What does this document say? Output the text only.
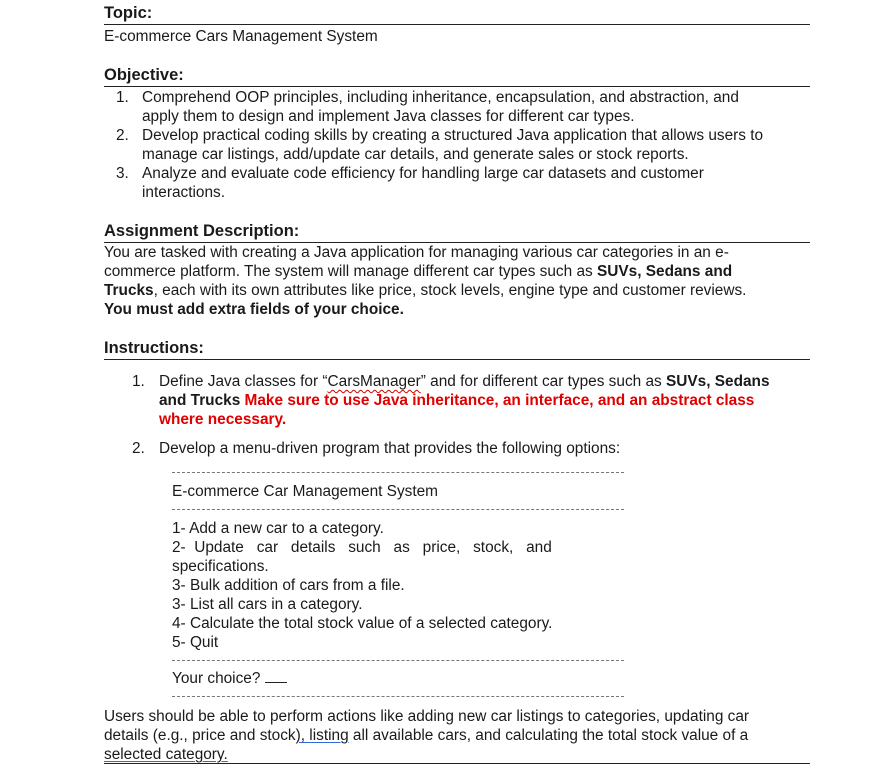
Topic:
E-commerce Cars Management System
Objective:
1. Comprehend OOP principles, including inheritance, encapsulation, and abstraction, and
apply them to design and implement Java classes for different car types.
2. Develop practical coding skills by creating a structured Java application that allows users to
manage car listings, add/update car details, and generate sales or stock reports.
3. Analyze and evaluate code efficiency for handling large car datasets and customer
interactions.
Assignment Description:
You are tasked with creating a Java application for managing various car categories in an e-
commerce platform. The system will manage different car types such as SUVs, Sedans and
Trucks, each with its own attributes like price, stock levels, engine type and customer reviews.
You must add extra fields of your choice.
Instructions:
1. Define Java classes for “CarsManager” and for different car types such as SUVs, Sedans
and Trucks Make sure to use Java inheritance, an interface, and an abstract class
where necessary.
2. Develop a menu-driven program that provides the following options:
Users should be able to perform actions like adding new car listings to categories, updating car
details (e.g., price and stock), listing all available cars, and calculating the total stock value of a
selected category.
E-commerce Car Management System
1- Add a new car to a category.
2-  Update   car   details   such   as   price,   stock,   and
specifications.
3- Bulk addition of cars from a file.
3- List all cars in a category.
4- Calculate the total stock value of a selected category.
5- Quit
Your choice?
